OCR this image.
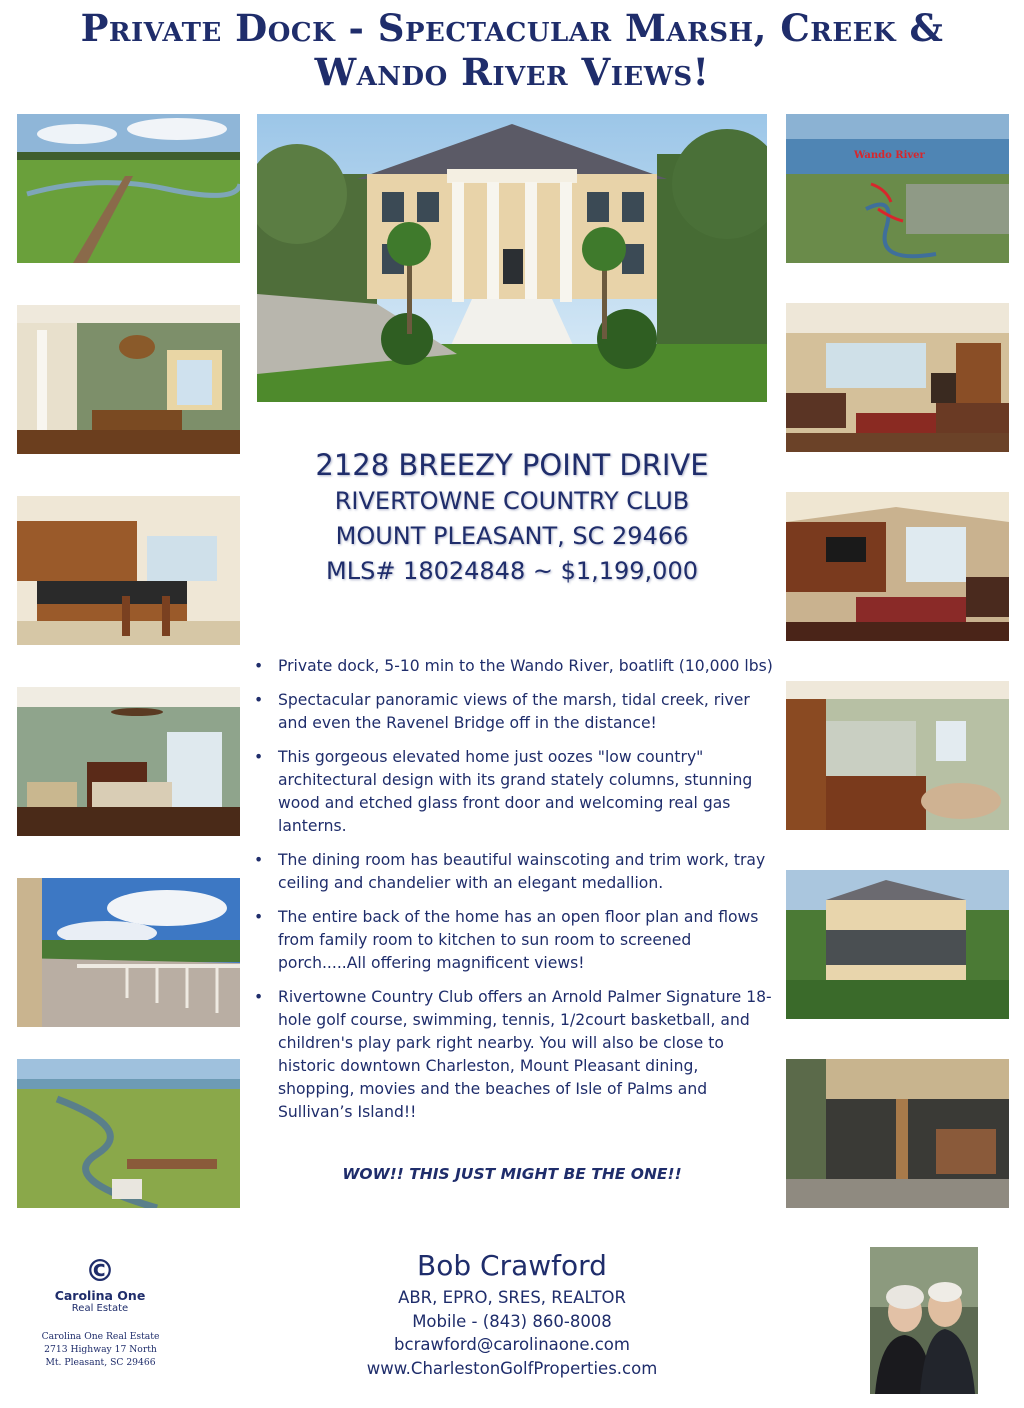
Private Dock - Spectacular Marsh, Creek &
Wando River Views!
Wando River
2128 BREEZY POINT DRIVE
RIVERTOWNE COUNTRY CLUB
MOUNT PLEASANT, SC 29466
MLS# 18024848 ~ $1,199,000
• Private dock, 5-10 min to the Wando River, boatlift (10,000 lbs)
• Spectacular panoramic views of the marsh, tidal creek, river and even the Ravenel Bridge off in the distance!
• This gorgeous elevated home just oozes "low country" architectural design with its grand stately columns, stunning wood and etched glass front door and welcoming real gas lanterns.
• The dining room has beautiful wainscoting and trim work, tray ceiling and chandelier with an elegant medallion.
• The entire back of the home has an open floor plan and flows from family room to kitchen to sun room to screened porch.....All offering magnificent views!
• Rivertowne Country Club offers an Arnold Palmer Signature 18-hole golf course, swimming, tennis, 1/2court basketball, and children's play park right nearby. You will also be close to historic downtown Charleston, Mount Pleasant dining, shopping, movies and the beaches of Isle of Palms and Sullivan’s Island!!
WOW!! THIS JUST MIGHT BE THE ONE!!
©
Carolina One
Real Estate
Carolina One Real Estate
2713 Highway 17 North
Mt. Pleasant, SC 29466
Bob Crawford
ABR, EPRO, SRES, REALTOR
Mobile - (843) 860-8008
bcrawford@carolinaone.com
www.CharlestonGolfProperties.com
